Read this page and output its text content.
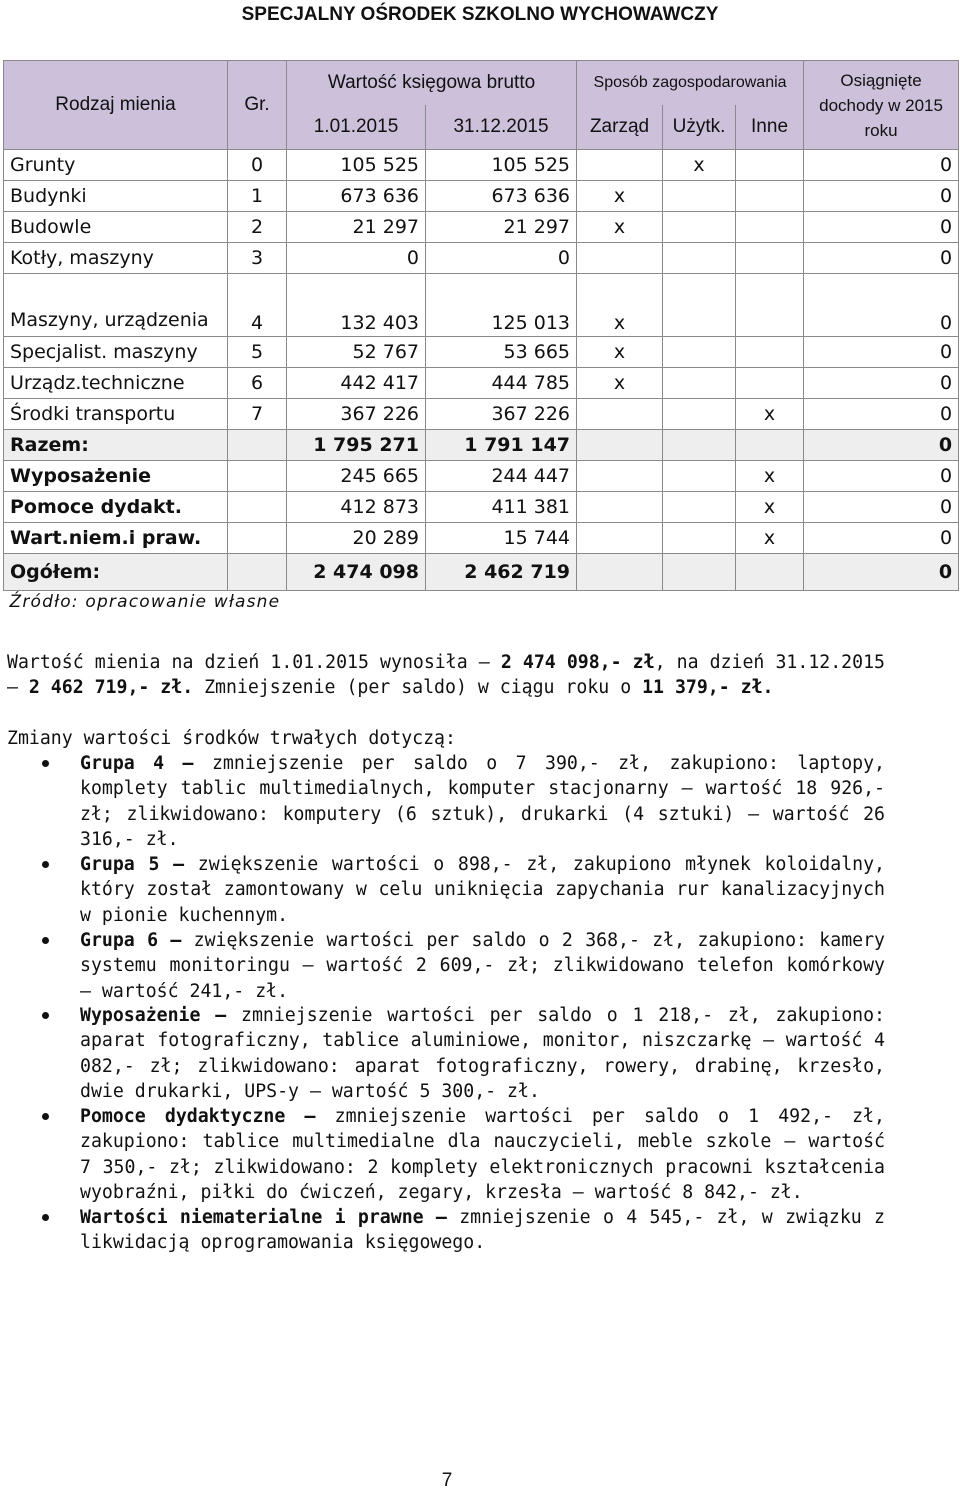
SPECJALNY OŚRODEK SZKOLNO WYCHOWAWCZY
Rodzaj mienia	Gr.	Wartość księgowa brutto		Sposób zagospodarowania			Osiągnięte dochody w 2015 roku
		1.01.2015	31.12.2015	Zarząd	Użytk.	Inne	
Grunty	0	105 525	105 525		x		0
Budynki	1	673 636	673 636	x			0
Budowle	2	21 297	21 297	x			0
Kotły, maszyny	3	0	0				0
Maszyny, urządzenia	4	132 403	125 013	x			0
Specjalist. maszyny	5	52 767	53 665	x			0
Urządz.techniczne	6	442 417	444 785	x			0
Środki transportu	7	367 226	367 226			x	0
Razem:		1 795 271	1 791 147				0
Wyposażenie		245 665	244 447			x	0
Pomoce dydakt.		412 873	411 381			x	0
Wart.niem.i praw.		20 289	15 744			x	0
Ogółem:		2 474 098	2 462 719				0
Źródło: opracowanie własne							
Wartość mienia na dzień 1.01.2015 wynosiła – 2 474 098,- zł, na dzień 31.12.2015 – 2 462 719,- zł. Zmniejszenie (per saldo) w ciągu roku o 11 379,- zł.
Zmiany wartości środków trwałych dotyczą:
Grupa 4 – zmniejszenie per saldo o 7 390,- zł, zakupiono: laptopy, komplety tablic multimedialnych, komputer stacjonarny – wartość 18 926,- zł; zlikwidowano: komputery (6 sztuk), drukarki (4 sztuki) – wartość 26 316,- zł.
Grupa 5 – zwiększenie wartości o 898,- zł, zakupiono młynek koloidalny, który został zamontowany w celu uniknięcia zapychania rur kanalizacyjnych w pionie kuchennym.
Grupa 6 – zwiększenie wartości per saldo o 2 368,- zł, zakupiono: kamery systemu monitoringu – wartość 2 609,- zł; zlikwidowano telefon komórkowy – wartość 241,- zł.
Wyposażenie – zmniejszenie wartości per saldo o 1 218,- zł, zakupiono: aparat fotograficzny, tablice aluminiowe, monitor, niszczarkę – wartość 4 082,- zł; zlikwidowano: aparat fotograficzny, rowery, drabinę, krzesło, dwie drukarki, UPS-y – wartość 5 300,- zł.
Pomoce dydaktyczne – zmniejszenie wartości per saldo o 1 492,- zł, zakupiono: tablice multimedialne dla nauczycieli, meble szkole – wartość 7 350,- zł; zlikwidowano: 2 komplety elektronicznych pracowni kształcenia wyobraźni, piłki do ćwiczeń, zegary, krzesła – wartość 8 842,- zł.
Wartości niematerialne i prawne – zmniejszenie o 4 545,- zł, w związku z likwidacją oprogramowania księgowego.
7
